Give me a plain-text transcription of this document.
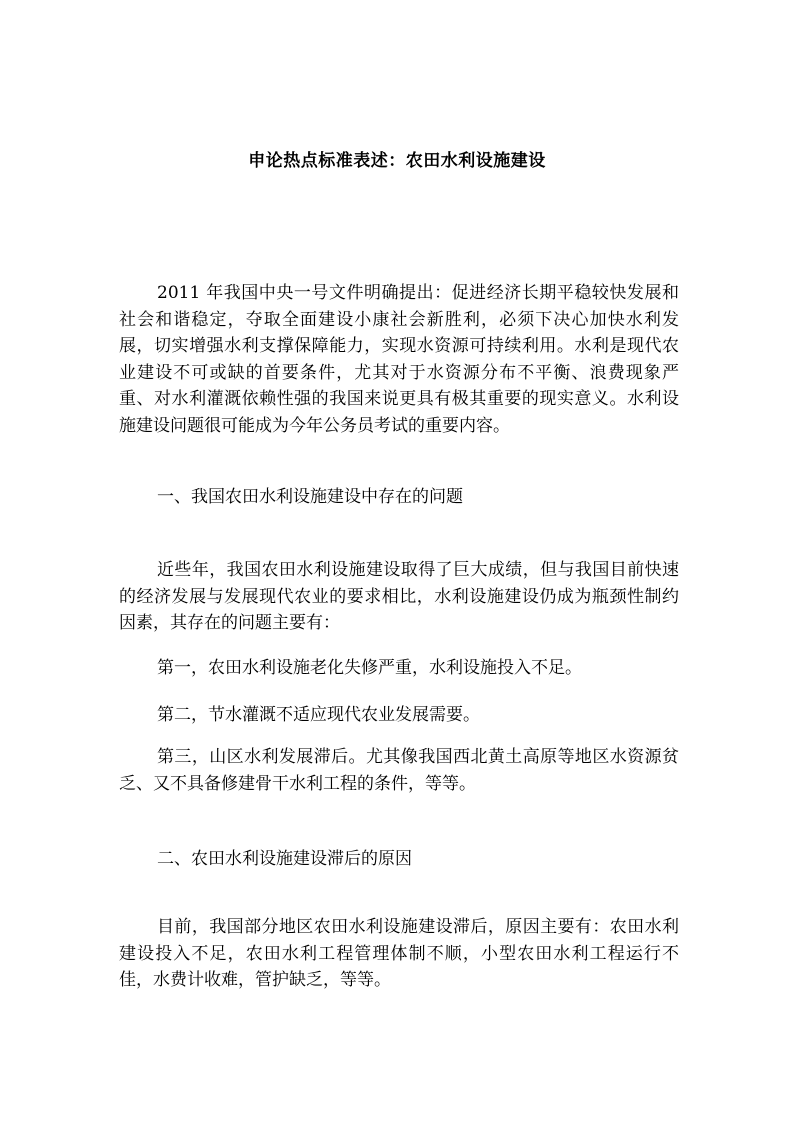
申论热点标准表述：农田水利设施建设

2011 年我国中央一号文件明确提出：促进经济长期平稳较快发展和社会和谐稳定，夺取全面建设小康社会新胜利，必须下决心加快水利发展，切实增强水利支撑保障能力，实现水资源可持续利用。水利是现代农业建设不可或缺的首要条件，尤其对于水资源分布不平衡、浪费现象严重、对水利灌溉依赖性强的我国来说更具有极其重要的现实意义。水利设施建设问题很可能成为今年公务员考试的重要内容。

一、我国农田水利设施建设中存在的问题

近些年，我国农田水利设施建设取得了巨大成绩，但与我国目前快速的经济发展与发展现代农业的要求相比，水利设施建设仍成为瓶颈性制约因素，其存在的问题主要有：

第一，农田水利设施老化失修严重，水利设施投入不足。

第二，节水灌溉不适应现代农业发展需要。

第三，山区水利发展滞后。尤其像我国西北黄土高原等地区水资源贫乏、又不具备修建骨干水利工程的条件，等等。

二、农田水利设施建设滞后的原因

目前，我国部分地区农田水利设施建设滞后，原因主要有：农田水利建设投入不足，农田水利工程管理体制不顺，小型农田水利工程运行不佳，水费计收难，管护缺乏，等等。
